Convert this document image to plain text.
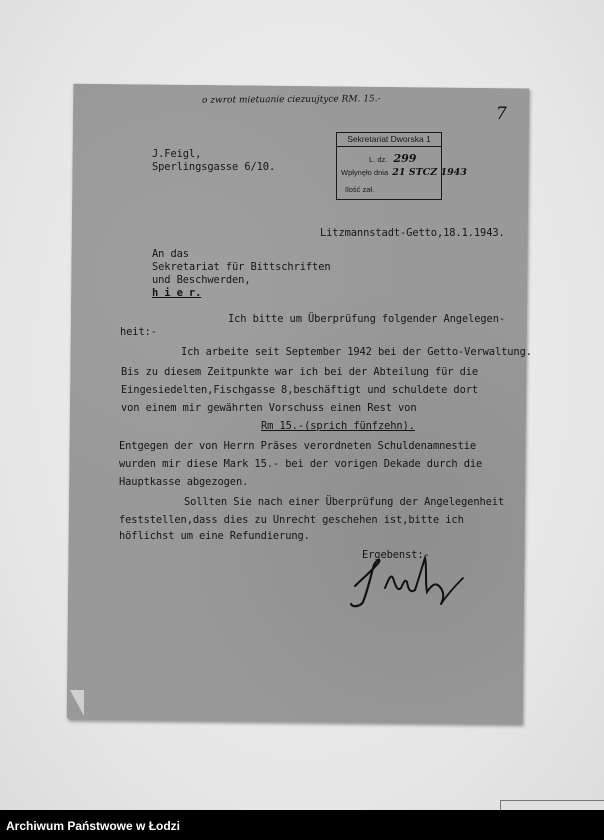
o zwrot mietuanie ciezuujtyce RM. 15.-
7
Sekretariat Dworska 1
L. dz. 299
Wpłynęło dnia 21 STCZ 1943
Ilość zał.
J.Feigl,
Sperlingsgasse 6/10.
Litzmannstadt-Getto,18.1.1943.
An das
Sekretariat für Bittschriften
und Beschwerden,
h i e r.
Ich bitte um Überprüfung folgender Angelegen-
heit:-
Ich arbeite seit September 1942 bei der Getto-Verwaltung.
Bis zu diesem Zeitpunkte war ich bei der Abteilung für die
Eingesiedelten,Fischgasse 8,beschäftigt und schuldete dort
von einem mir gewährten Vorschuss einen Rest von
Rm 15.-(sprich fünfzehn).
Entgegen der von Herrn Präses verordneten Schuldenamnestie
wurden mir diese Mark 15.- bei der vorigen Dekade durch die
Hauptkasse abgezogen.
Sollten Sie nach einer Überprüfung der Angelegenheit
feststellen,dass dies zu Unrecht geschehen ist,bitte ich
höflichst um eine Refundierung.
Ergebenst:-
Archiwum Państwowe w Łodzi
